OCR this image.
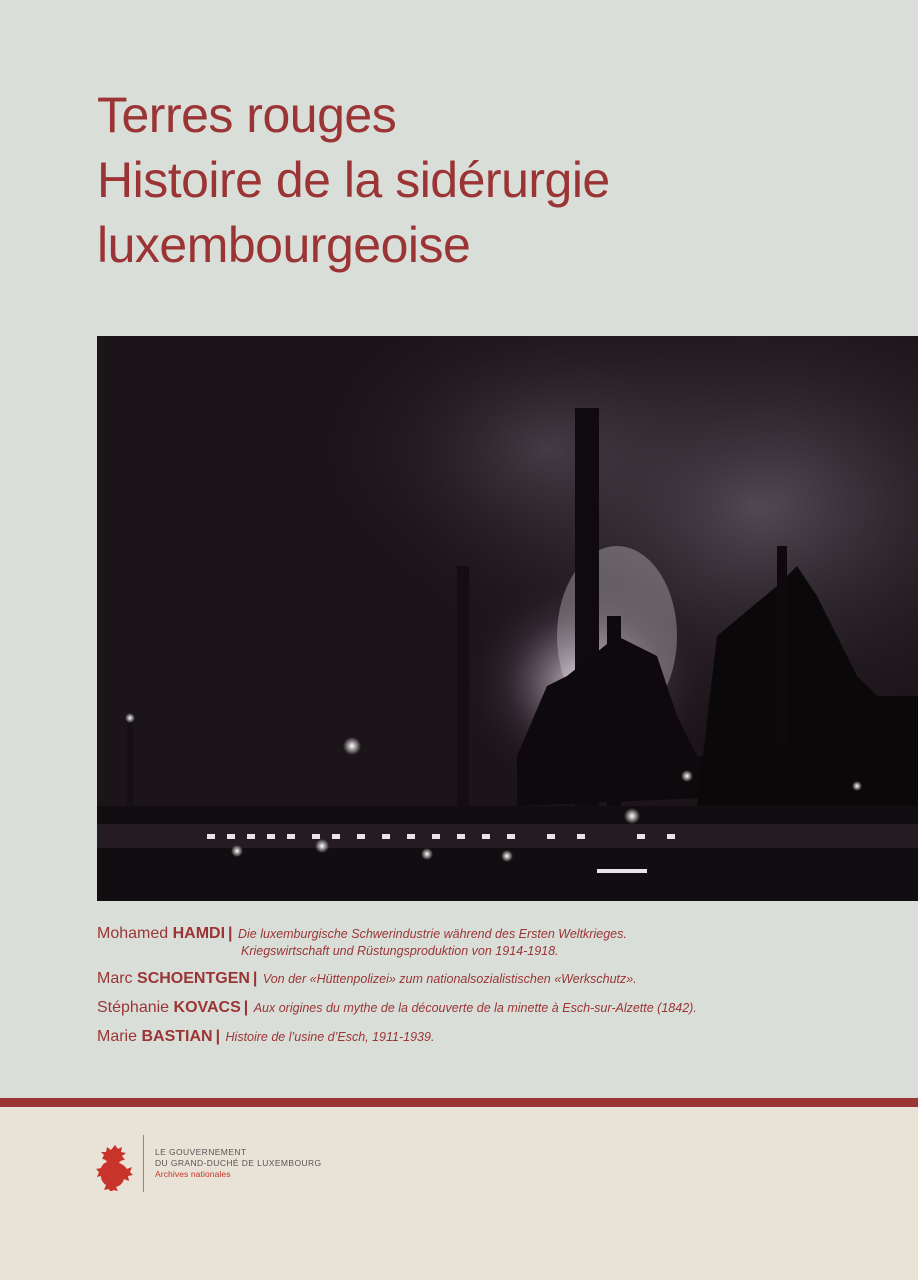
Terres rouges
Histoire de la sidérurgie
luxembourgeoise
Mohamed HAMDI | Die luxemburgische Schwerindustrie während des Ersten Weltkrieges.
Kriegswirtschaft und Rüstungsproduktion von 1914-1918.
Marc SCHOENTGEN | Von der «Hüttenpolizei» zum nationalsozialistischen «Werkschutz».
Stéphanie KOVACS | Aux origines du mythe de la découverte de la minette à Esch-sur-Alzette (1842).
Marie BASTIAN | Histoire de l’usine d’Esch, 1911-1939.
LE GOUVERNEMENT
DU GRAND-DUCHÉ DE LUXEMBOURG
Archives nationales
